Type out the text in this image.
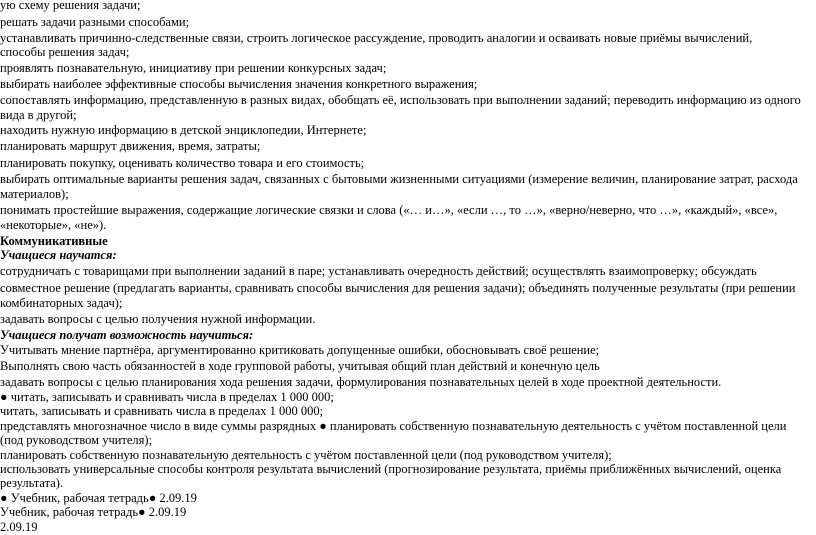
ую схему решения задачи;
решать задачи разными способами;
устанавливать причинно-следственные связи, строить логическое рассуждение, проводить аналогии и осваивать новые приёмы вычислений,
способы решения задач;
проявлять познавательную, инициативу при решении конкурсных задач;
выбирать наиболее эффективные способы вычисления значения конкретного выражения;
сопоставлять информацию, представленную в разных видах, обобщать её, использовать при выполнении заданий; переводить информацию из одного
вида в другой;
находить нужную информацию в детской энциклопедии, Интернете;
планировать маршрут движения, время, затраты;
планировать покупку, оценивать количество товара и его стоимость;
выбирать оптимальные варианты решения задач, связанных с бытовыми жизненными ситуациями (измерение величин, планирование затрат, расхода
материалов);
понимать простейшие выражения, содержащие логические связки и слова («… и…», «если …, то …», «верно/неверно, что …», «каждый», «все»,
«некоторые», «не»).
Коммуникативные
Учащиеся научатся:
сотрудничать с товарищами при выполнении заданий в паре; устанавливать очередность действий; осуществлять взаимопроверку; обсуждать
совместное решение (предлагать варианты, сравнивать способы вычисления для решения задачи); объединять полученные результаты (при решении
комбинаторных задач);
задавать вопросы с целью получения нужной информации.
Учащиеся получат возможность научиться:
Учитывать мнение партнёра, аргументированно критиковать допущенные ошибки, обосновывать своё решение;
Выполнять свою часть обязанностей в ходе групповой работы, учитывая общий план действий и конечную цель
задавать вопросы с целью планирования хода решения задачи, формулирования познавательных целей в ходе проектной деятельности.
● читать, записывать и сравнивать числа в пределах 1 000 000;
читать, записывать и сравнивать числа в пределах 1 000 000;
представлять многозначное число в виде суммы разрядных ● планировать собственную познавательную деятельность с учётом поставленной цели
(под руководством учителя);
планировать собственную познавательную деятельность с учётом поставленной цели (под руководством учителя);
использовать универсальные способы контроля результата вычислений (прогнозирование результата, приёмы приближённых вычислений, оценка
результата).
● Учебник, рабочая тетрадь● 2.09.19
Учебник, рабочая тетрадь● 2.09.19
2.09.19
